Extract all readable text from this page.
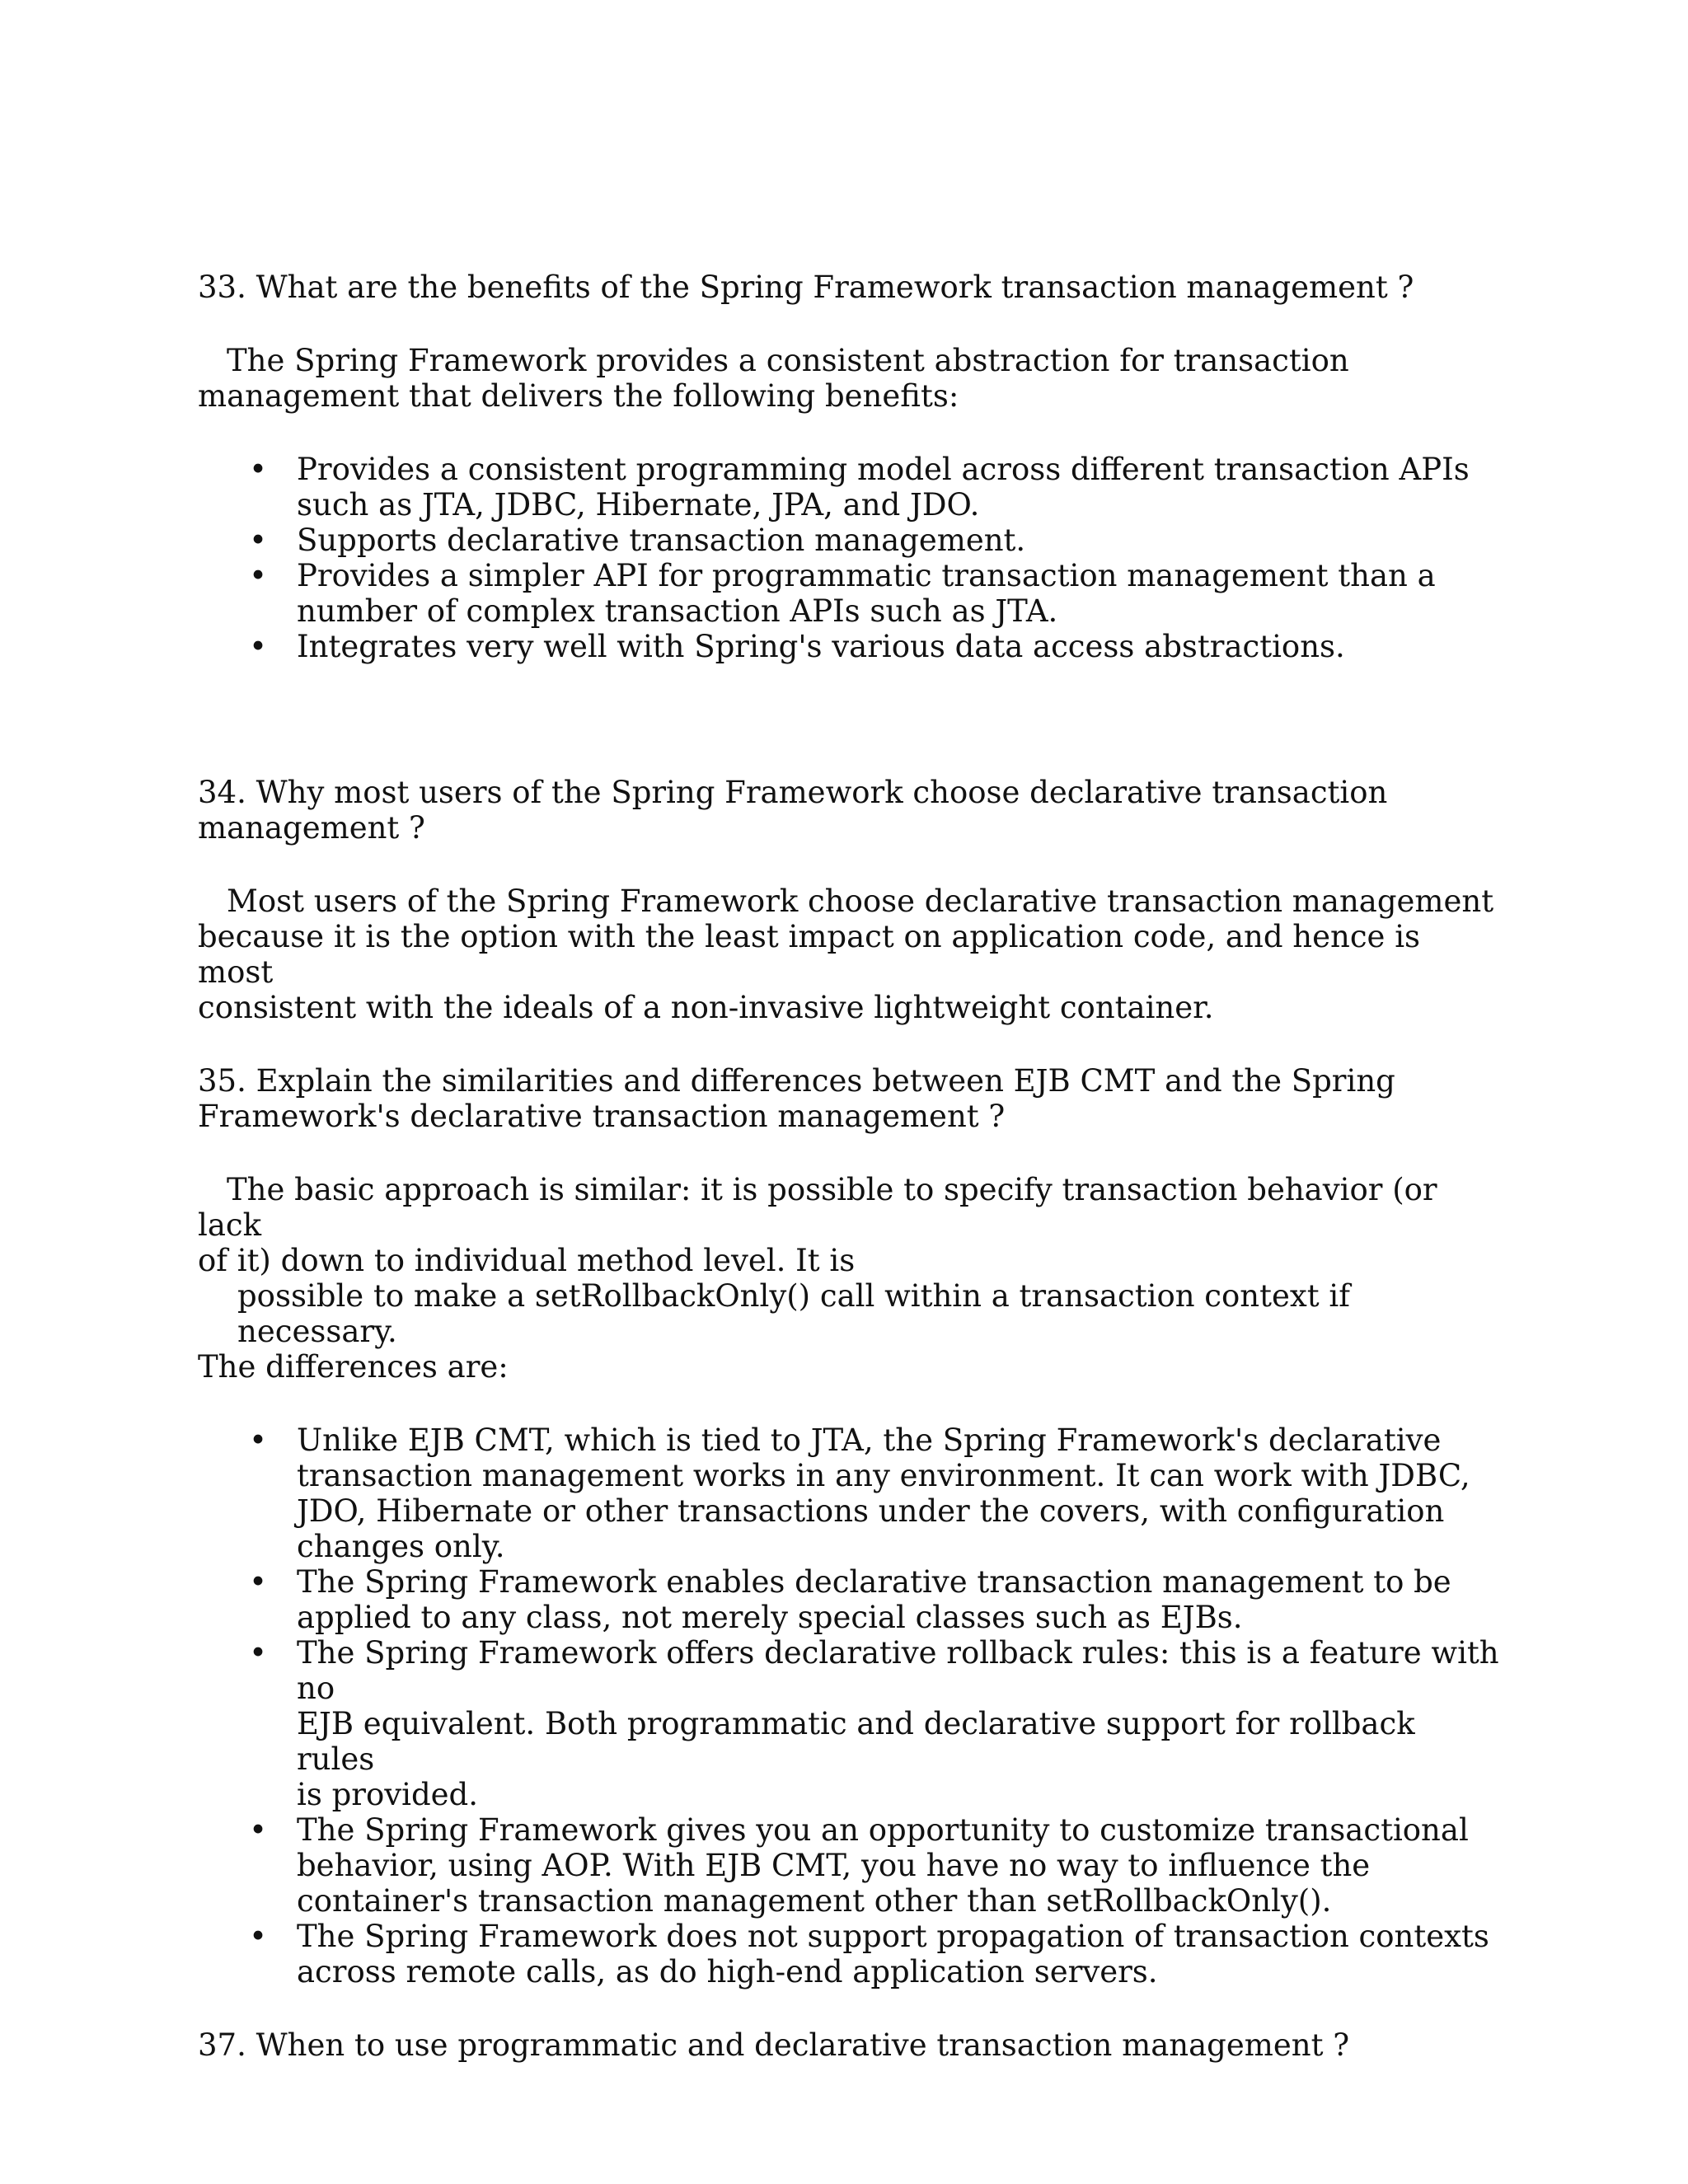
33. What are the benefits of the Spring Framework transaction management ?

The Spring Framework provides a consistent abstraction for transaction

management that delivers the following benefits:

• Provides a consistent programming model across different transaction APIs

such as JTA, JDBC, Hibernate, JPA, and JDO.

• Supports declarative transaction management.

• Provides a simpler API for programmatic transaction management than a

number of complex transaction APIs such as JTA.

• Integrates very well with Spring's various data access abstractions.

34. Why most users of the Spring Framework choose declarative transaction

management ?

Most users of the Spring Framework choose declarative transaction management

because it is the option with the least impact on application code, and hence is most

consistent with the ideals of a non-invasive lightweight container.

35. Explain the similarities and differences between EJB CMT and the Spring

Framework's declarative transaction management ?

The basic approach is similar: it is possible to specify transaction behavior (or lack

of it) down to individual method level. It is

possible to make a setRollbackOnly() call within a transaction context if necessary.

The differences are:

• Unlike EJB CMT, which is tied to JTA, the Spring Framework's declarative

transaction management works in any environment. It can work with JDBC,

JDO, Hibernate or other transactions under the covers, with configuration

changes only.

• The Spring Framework enables declarative transaction management to be

applied to any class, not merely special classes such as EJBs.

• The Spring Framework offers declarative rollback rules: this is a feature with no

EJB equivalent. Both programmatic and declarative support for rollback rules

is provided.

• The Spring Framework gives you an opportunity to customize transactional

behavior, using AOP. With EJB CMT, you have no way to influence the

container's transaction management other than setRollbackOnly().

• The Spring Framework does not support propagation of transaction contexts

across remote calls, as do high-end application servers.

37. When to use programmatic and declarative transaction management ?
